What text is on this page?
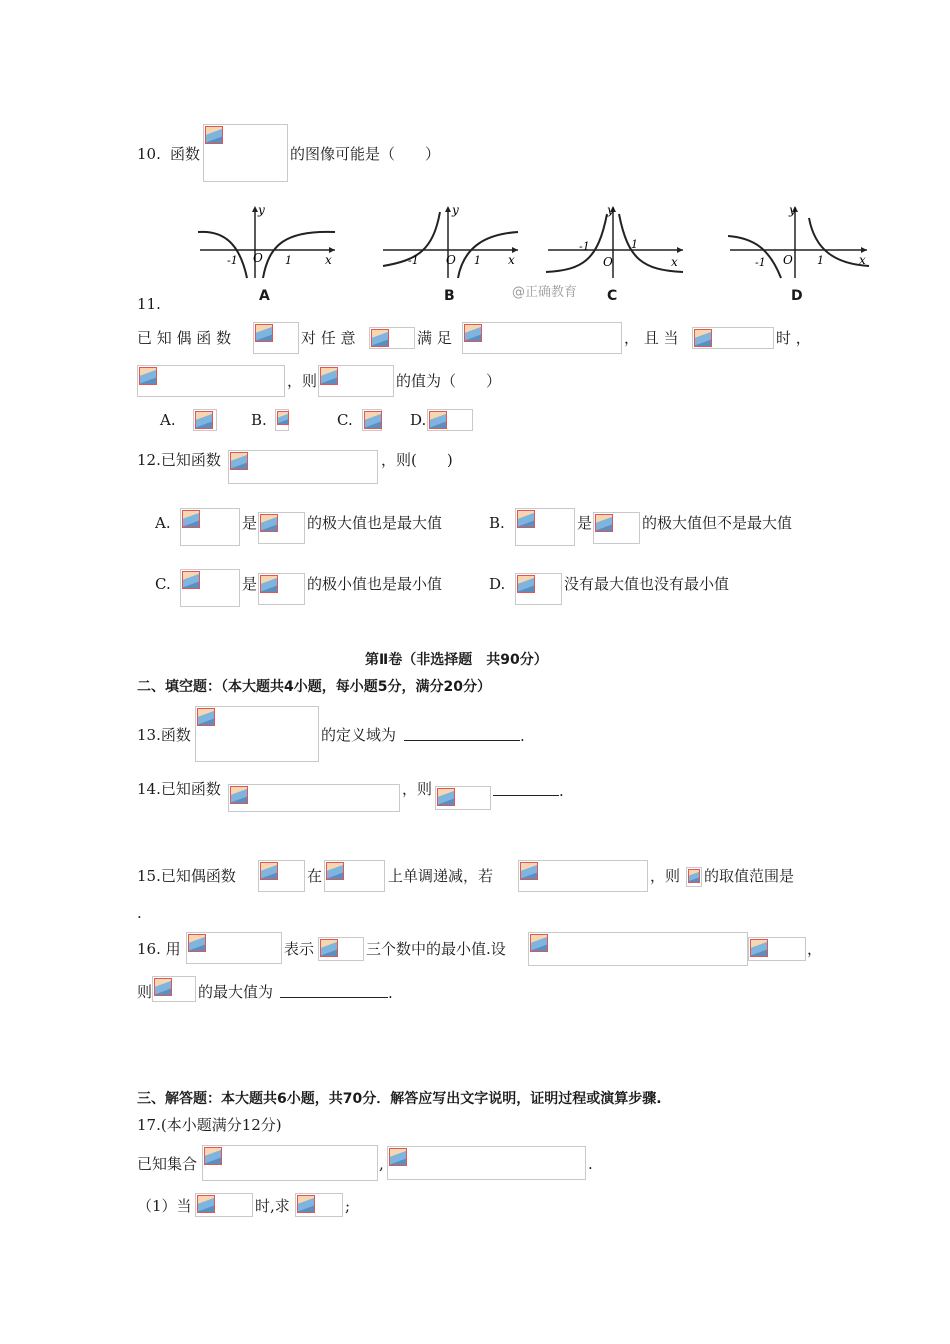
10. 函数	的图像可能是（　　）
y
x
O
-1	1
A
y
x
O
-1	1
B
y
x
O
-1	1
@正确教育 C
y
x
O
-1	1
D
11.
已 知 偶 函 数	对 任 意	满 足	， 且 当	时 ，
，则	的值为（　　）
A.	B.	C.	D.
12.已知函数	，则(　　)
A.	是	的极大值也是最大值	B.	是	的极大值但不是最大值
C.	是	的极小值也是最小值	D.	没有最大值也没有最小值
第Ⅱ卷（非选择题　共90分）
二、填空题：（本大题共4小题，每小题5分，满分20分）
13.函数	的定义域为	.
14.已知函数	，则	.
15.已知偶函数	在	上单调递减，若	，则 的取值范围是
.
16. 用	表示	三个数中的最小值.设	，
则	的最大值为	.
三、解答题：本大题共6小题，共70分．解答应写出文字说明，证明过程或演算步骤.
17.(本小题满分12分)
已知集合	,	.
（1）当	时,求	;
